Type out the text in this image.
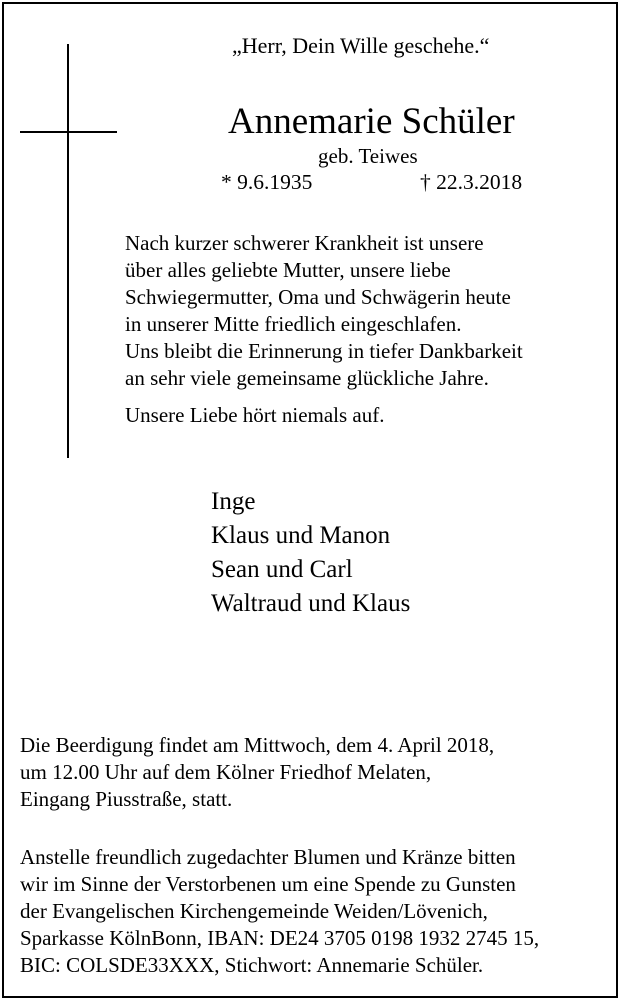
„Herr, Dein Wille geschehe.“
Annemarie Schüler
geb. Teiwes
* 9.6.1935	† 22.3.2018
Nach kurzer schwerer Krankheit ist unsere
über alles geliebte Mutter, unsere liebe
Schwiegermutter, Oma und Schwägerin heute
in unserer Mitte friedlich eingeschlafen.
Uns bleibt die Erinnerung in tiefer Dankbarkeit
an sehr viele gemeinsame glückliche Jahre.
Unsere Liebe hört niemals auf.
Inge
Klaus und Manon
Sean und Carl
Waltraud und Klaus
Die Beerdigung findet am Mittwoch, dem 4. April 2018,
um 12.00 Uhr auf dem Kölner Friedhof Melaten,
Eingang Piusstraße, statt.
Anstelle freundlich zugedachter Blumen und Kränze bitten
wir im Sinne der Verstorbenen um eine Spende zu Gunsten
der Evangelischen Kirchengemeinde Weiden/Lövenich,
Sparkasse KölnBonn, IBAN: DE24 3705 0198 1932 2745 15,
BIC: COLSDE33XXX, Stichwort: Annemarie Schüler.
